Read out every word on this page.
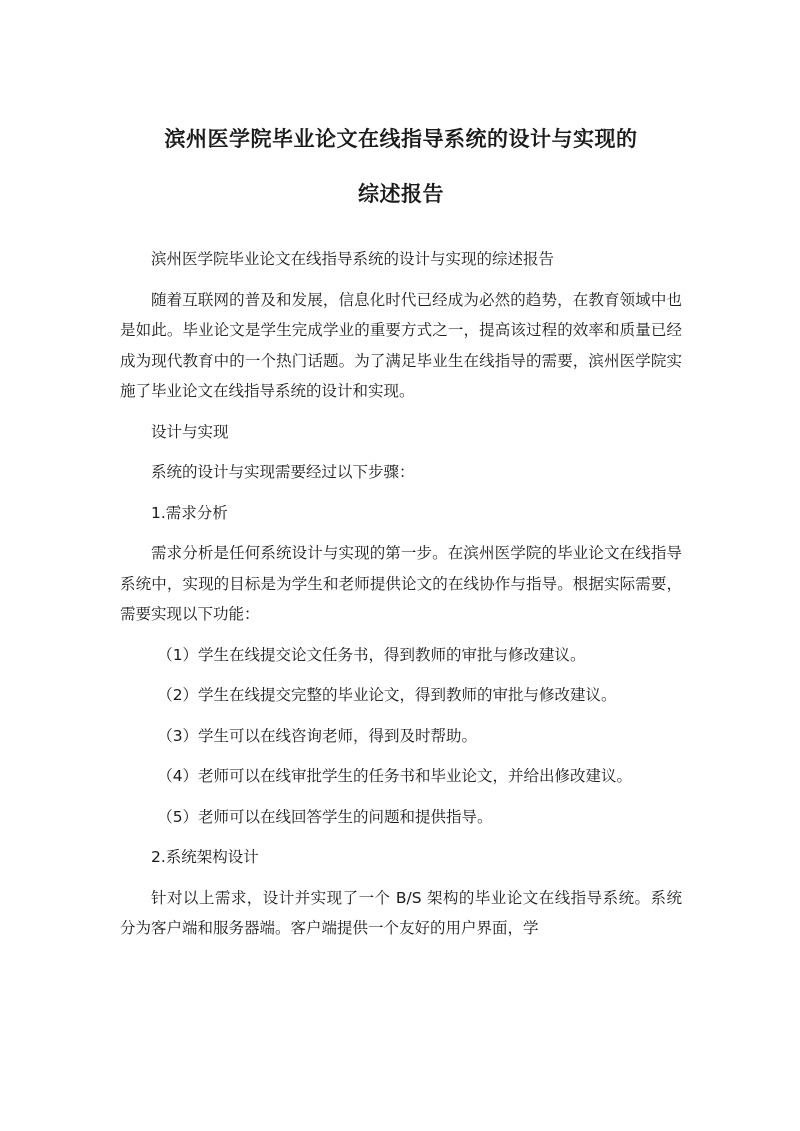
滨州医学院毕业论文在线指导系统的设计与实现的
综述报告

滨州医学院毕业论文在线指导系统的设计与实现的综述报告

随着互联网的普及和发展，信息化时代已经成为必然的趋势，在教育领域中也是如此。毕业论文是学生完成学业的重要方式之一，提高该过程的效率和质量已经成为现代教育中的一个热门话题。为了满足毕业生在线指导的需要，滨州医学院实施了毕业论文在线指导系统的设计和实现。

设计与实现

系统的设计与实现需要经过以下步骤：

1.需求分析

需求分析是任何系统设计与实现的第一步。在滨州医学院的毕业论文在线指导系统中，实现的目标是为学生和老师提供论文的在线协作与指导。根据实际需要，需要实现以下功能：

（1）学生在线提交论文任务书，得到教师的审批与修改建议。

（2）学生在线提交完整的毕业论文，得到教师的审批与修改建议。

（3）学生可以在线咨询老师，得到及时帮助。

（4）老师可以在线审批学生的任务书和毕业论文，并给出修改建议。

（5）老师可以在线回答学生的问题和提供指导。

2.系统架构设计

针对以上需求，设计并实现了一个 B/S 架构的毕业论文在线指导系统。系统分为客户端和服务器端。客户端提供一个友好的用户界面，学
